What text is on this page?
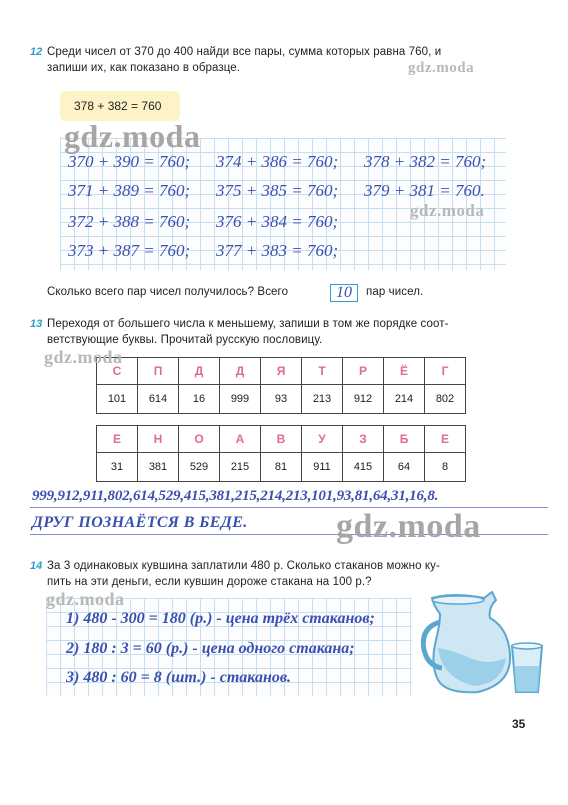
12 Среди чисел от 370 до 400 найди все пары, сумма которых равна 760, и
запиши их, как показано в образце.
378 + 382 = 760
370 + 390 = 760; 374 + 386 = 760; 378 + 382 = 760;
371 + 389 = 760; 375 + 385 = 760; 379 + 381 = 760.
372 + 388 = 760; 376 + 384 = 760;
373 + 387 = 760; 377 + 383 = 760;
Сколько всего пар чисел получилось? Всего	10	пар чисел.
13 Переходя от большего числа к меньшему, запиши в том же порядке соот-
ветствующие буквы. Прочитай русскую пословицу.
С	П	Д	Д	Я	Т	Р	Ё	Г
101	614	16	999	93	213	912	214	802
Е	Н	О	А	В	У	З	Б	Е
31	381	529	215	81	911	415	64	8
999,912,911,802,614,529,415,381,215,214,213,101,93,81,64,31,16,8.
ДРУГ ПОЗНАЁТСЯ В БЕДЕ.
14 За 3 одинаковых кувшина заплатили 480 р. Сколько стаканов можно ку-
пить на эти деньги, если кувшин дороже стакана на 100 р.?
1) 480 - 300 = 180 (р.) - цена трёх стаканов;
2) 180 : 3 = 60 (р.) - цена одного стакана;
3) 480 : 60 = 8 (шт.) - стаканов.
gdz.moda
gdz.moda
gdz.moda
gdz.moda
gdz.moda
gdz.moda
35
